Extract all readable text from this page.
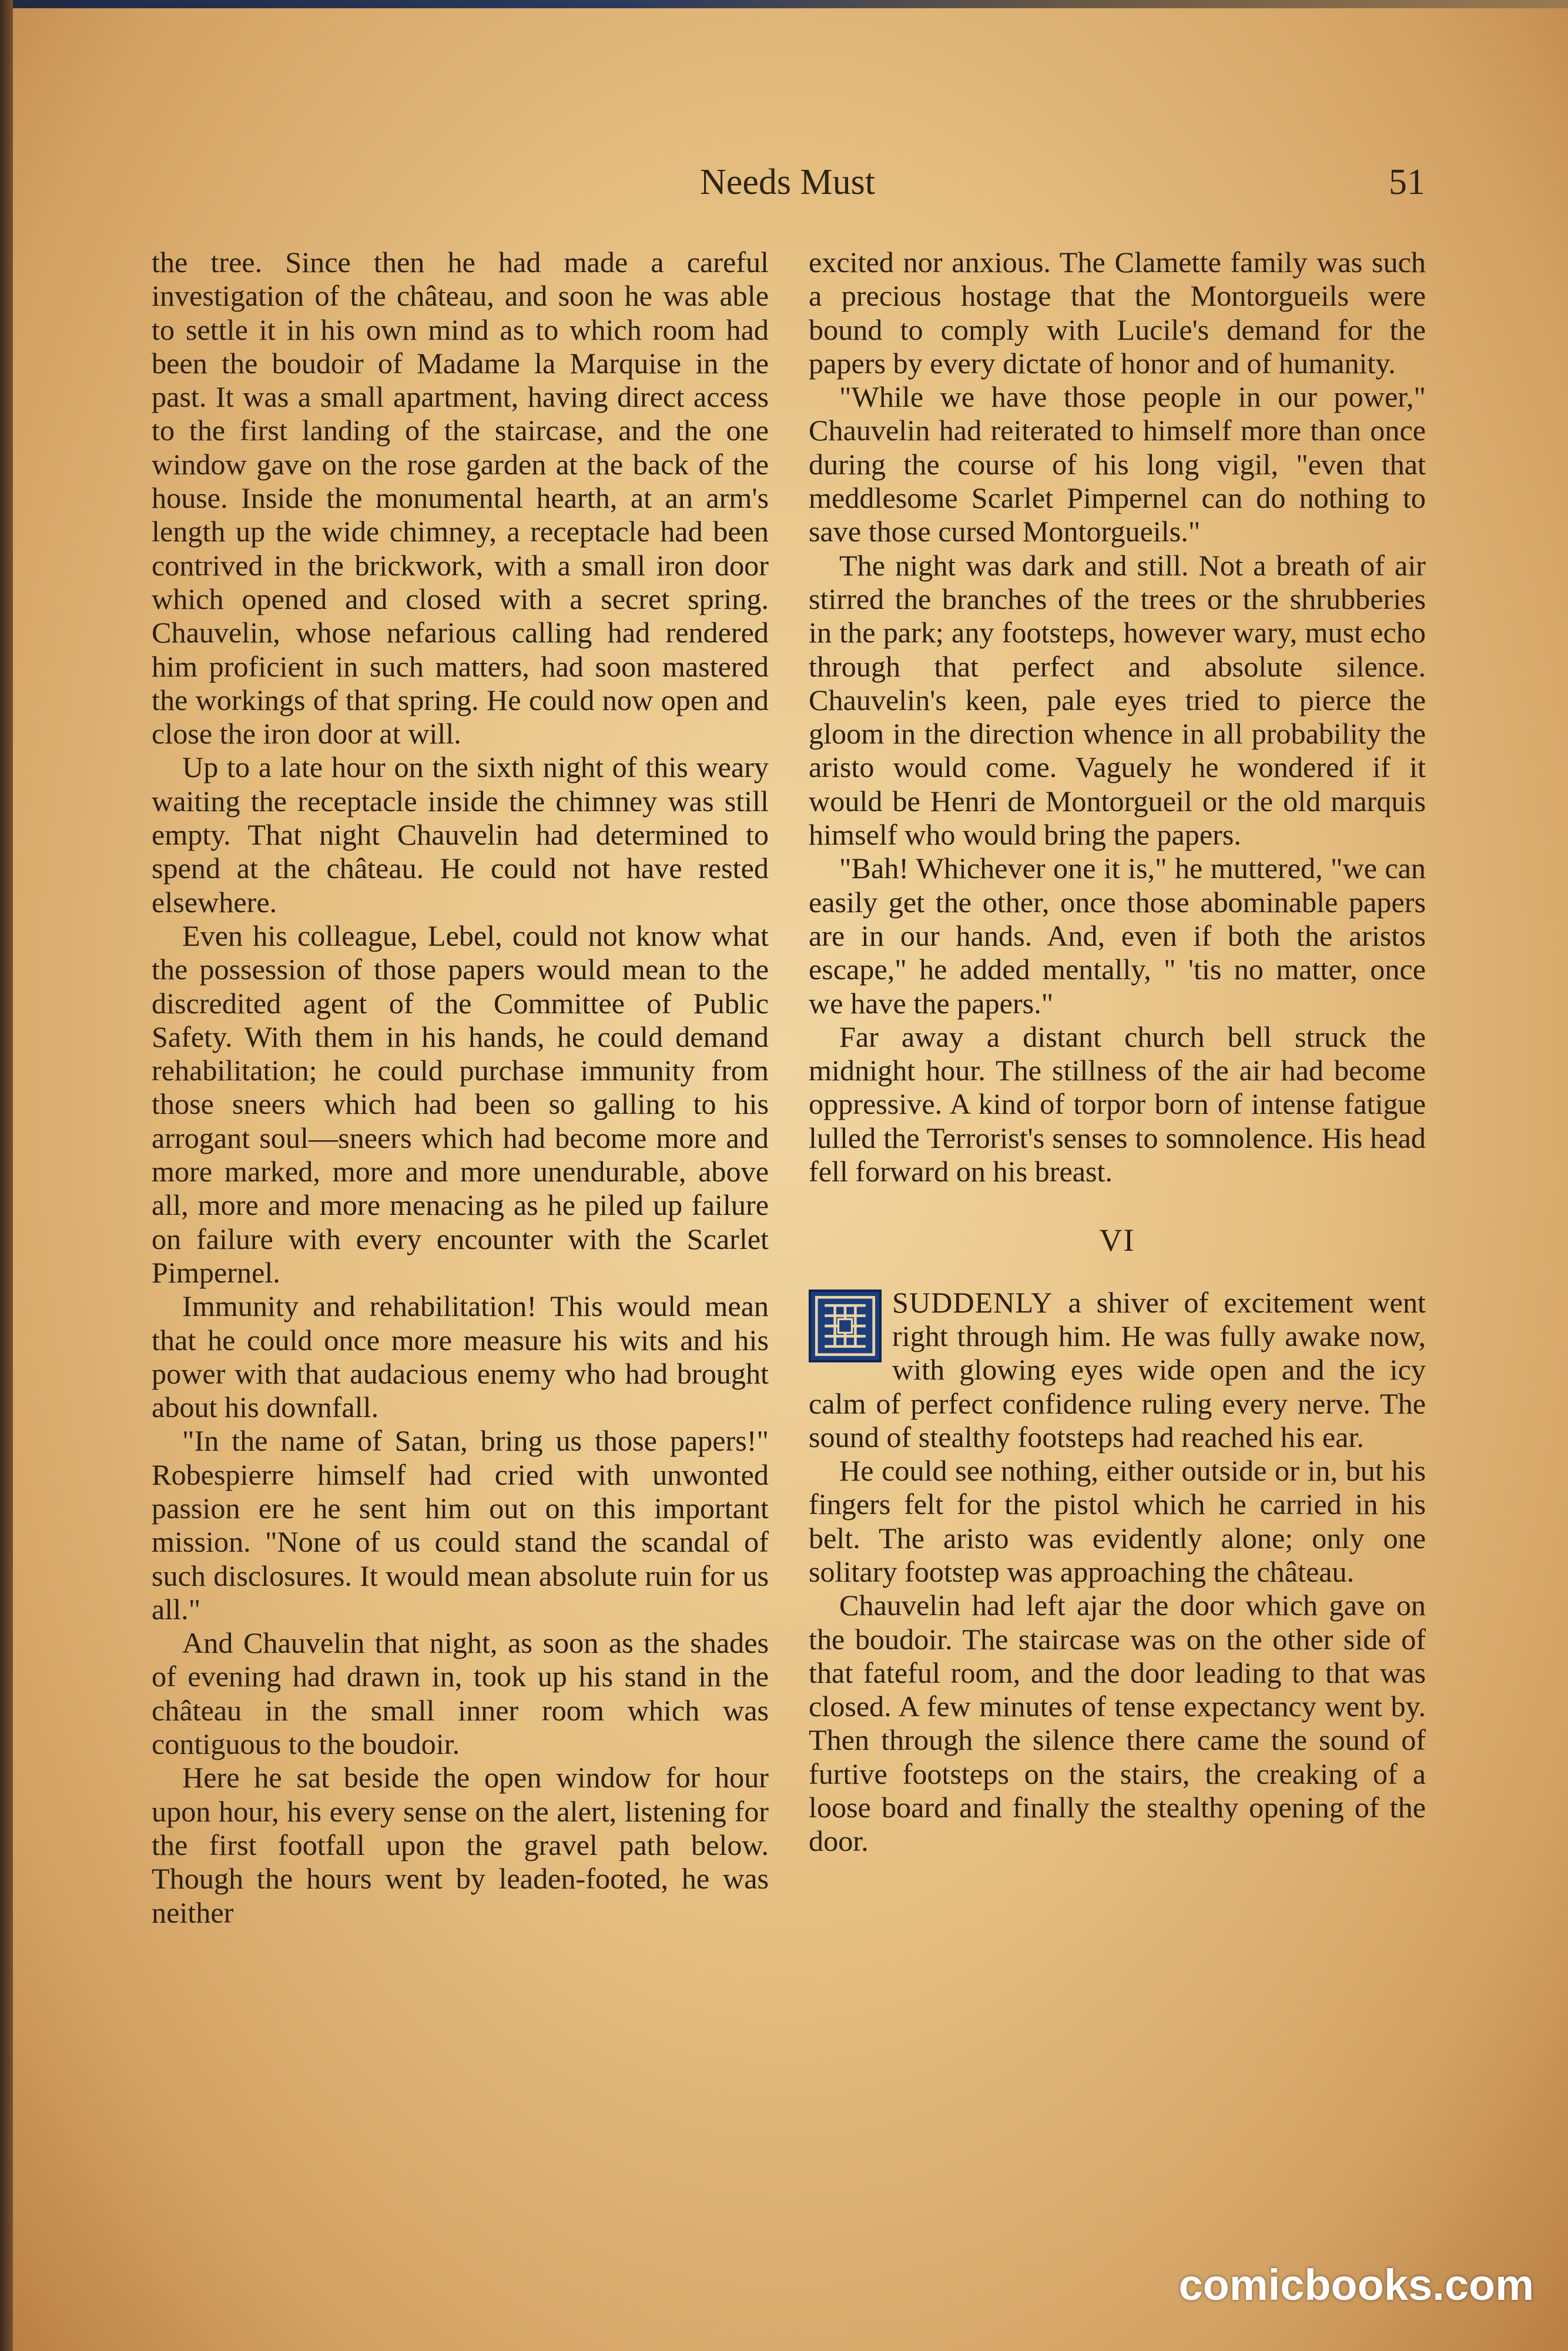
Needs Must	51

the tree. Since then he had made a careful investigation of the château, and soon he was able to settle it in his own mind as to which room had been the boudoir of Madame la Marquise in the past. It was a small apartment, having direct access to the first landing of the staircase, and the one window gave on the rose garden at the back of the house. Inside the monumental hearth, at an arm's length up the wide chimney, a receptacle had been contrived in the brickwork, with a small iron door which opened and closed with a secret spring. Chauvelin, whose nefarious calling had rendered him proficient in such matters, had soon mastered the workings of that spring. He could now open and close the iron door at will.

Up to a late hour on the sixth night of this weary waiting the receptacle inside the chimney was still empty. That night Chauvelin had determined to spend at the château. He could not have rested elsewhere.

Even his colleague, Lebel, could not know what the possession of those papers would mean to the discredited agent of the Committee of Public Safety. With them in his hands, he could demand rehabilitation; he could purchase immunity from those sneers which had been so galling to his arrogant soul—sneers which had become more and more marked, more and more unendurable, above all, more and more menacing as he piled up failure on failure with every encounter with the Scarlet Pimpernel.

Immunity and rehabilitation! This would mean that he could once more measure his wits and his power with that audacious enemy who had brought about his downfall.

"In the name of Satan, bring us those papers!" Robespierre himself had cried with unwonted passion ere he sent him out on this important mission. "None of us could stand the scandal of such disclosures. It would mean absolute ruin for us all."

And Chauvelin that night, as soon as the shades of evening had drawn in, took up his stand in the château in the small inner room which was contiguous to the boudoir.

Here he sat beside the open window for hour upon hour, his every sense on the alert, listening for the first footfall upon the gravel path below. Though the hours went by leaden-footed, he was neither

excited nor anxious. The Clamette family was such a precious hostage that the Montorgueils were bound to comply with Lucile's demand for the papers by every dictate of honor and of humanity.

"While we have those people in our power," Chauvelin had reiterated to himself more than once during the course of his long vigil, "even that meddlesome Scarlet Pimpernel can do nothing to save those cursed Montorgueils."

The night was dark and still. Not a breath of air stirred the branches of the trees or the shrubberies in the park; any footsteps, however wary, must echo through that perfect and absolute silence. Chauvelin's keen, pale eyes tried to pierce the gloom in the direction whence in all probability the aristo would come. Vaguely he wondered if it would be Henri de Montorgueil or the old marquis himself who would bring the papers.

"Bah! Whichever one it is," he muttered, "we can easily get the other, once those abominable papers are in our hands. And, even if both the aristos escape," he added mentally, " 'tis no matter, once we have the papers."

Far away a distant church bell struck the midnight hour. The stillness of the air had become oppressive. A kind of torpor born of intense fatigue lulled the Terrorist's senses to somnolence. His head fell forward on his breast.

VI

SUDDENLY a shiver of excitement went right through him. He was fully awake now, with glowing eyes wide open and the icy calm of perfect confidence ruling every nerve. The sound of stealthy footsteps had reached his ear.

He could see nothing, either outside or in, but his fingers felt for the pistol which he carried in his belt. The aristo was evidently alone; only one solitary footstep was approaching the château.

Chauvelin had left ajar the door which gave on the boudoir. The staircase was on the other side of that fateful room, and the door leading to that was closed. A few minutes of tense expectancy went by. Then through the silence there came the sound of furtive footsteps on the stairs, the creaking of a loose board and finally the stealthy opening of the door.

comicbooks.com
